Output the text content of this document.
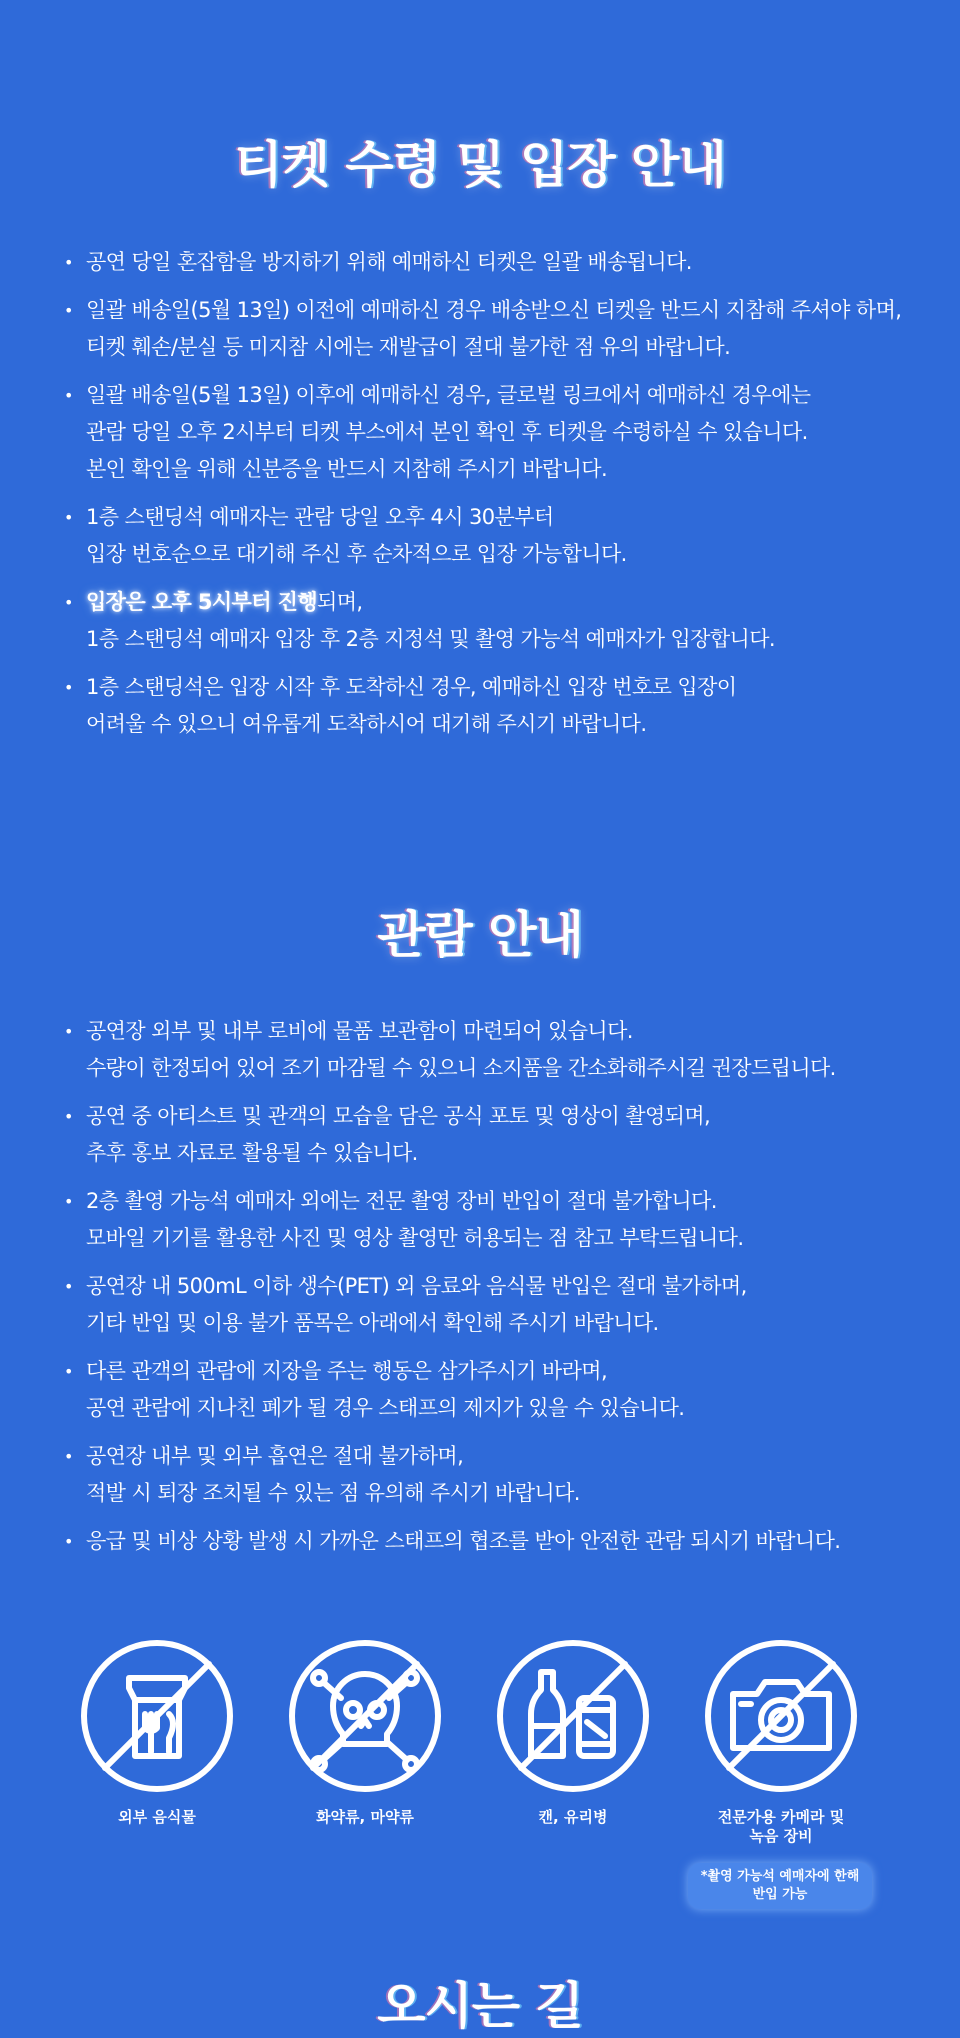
티켓 수령 및 입장 안내
• 공연 당일 혼잡함을 방지하기 위해 예매하신 티켓은 일괄 배송됩니다.
• 일괄 배송일(5월 13일) 이전에 예매하신 경우 배송받으신 티켓을 반드시 지참해 주셔야 하며,
티켓 훼손/분실 등 미지참 시에는 재발급이 절대 불가한 점 유의 바랍니다.
• 일괄 배송일(5월 13일) 이후에 예매하신 경우, 글로벌 링크에서 예매하신 경우에는
관람 당일 오후 2시부터 티켓 부스에서 본인 확인 후 티켓을 수령하실 수 있습니다.
본인 확인을 위해 신분증을 반드시 지참해 주시기 바랍니다.
• 1층 스탠딩석 예매자는 관람 당일 오후 4시 30분부터
입장 번호순으로 대기해 주신 후 순차적으로 입장 가능합니다.
• 입장은 오후 5시부터 진행되며,
1층 스탠딩석 예매자 입장 후 2층 지정석 및 촬영 가능석 예매자가 입장합니다.
• 1층 스탠딩석은 입장 시작 후 도착하신 경우, 예매하신 입장 번호로 입장이
어려울 수 있으니 여유롭게 도착하시어 대기해 주시기 바랍니다.
관람 안내
• 공연장 외부 및 내부 로비에 물품 보관함이 마련되어 있습니다.
수량이 한정되어 있어 조기 마감될 수 있으니 소지품을 간소화해주시길 권장드립니다.
• 공연 중 아티스트 및 관객의 모습을 담은 공식 포토 및 영상이 촬영되며,
추후 홍보 자료로 활용될 수 있습니다.
• 2층 촬영 가능석 예매자 외에는 전문 촬영 장비 반입이 절대 불가합니다.
모바일 기기를 활용한 사진 및 영상 촬영만 허용되는 점 참고 부탁드립니다.
• 공연장 내 500mL 이하 생수(PET) 외 음료와 음식물 반입은 절대 불가하며,
기타 반입 및 이용 불가 품목은 아래에서 확인해 주시기 바랍니다.
• 다른 관객의 관람에 지장을 주는 행동은 삼가주시기 바라며,
공연 관람에 지나친 폐가 될 경우 스태프의 제지가 있을 수 있습니다.
• 공연장 내부 및 외부 흡연은 절대 불가하며,
적발 시 퇴장 조치될 수 있는 점 유의해 주시기 바랍니다.
• 응급 및 비상 상황 발생 시 가까운 스태프의 협조를 받아 안전한 관람 되시기 바랍니다.
외부 음식물	화약류, 마약류	캔, 유리병	전문가용 카메라 및
녹음 장비
*촬영 가능석 예매자에 한해
반입 가능
오시는 길
